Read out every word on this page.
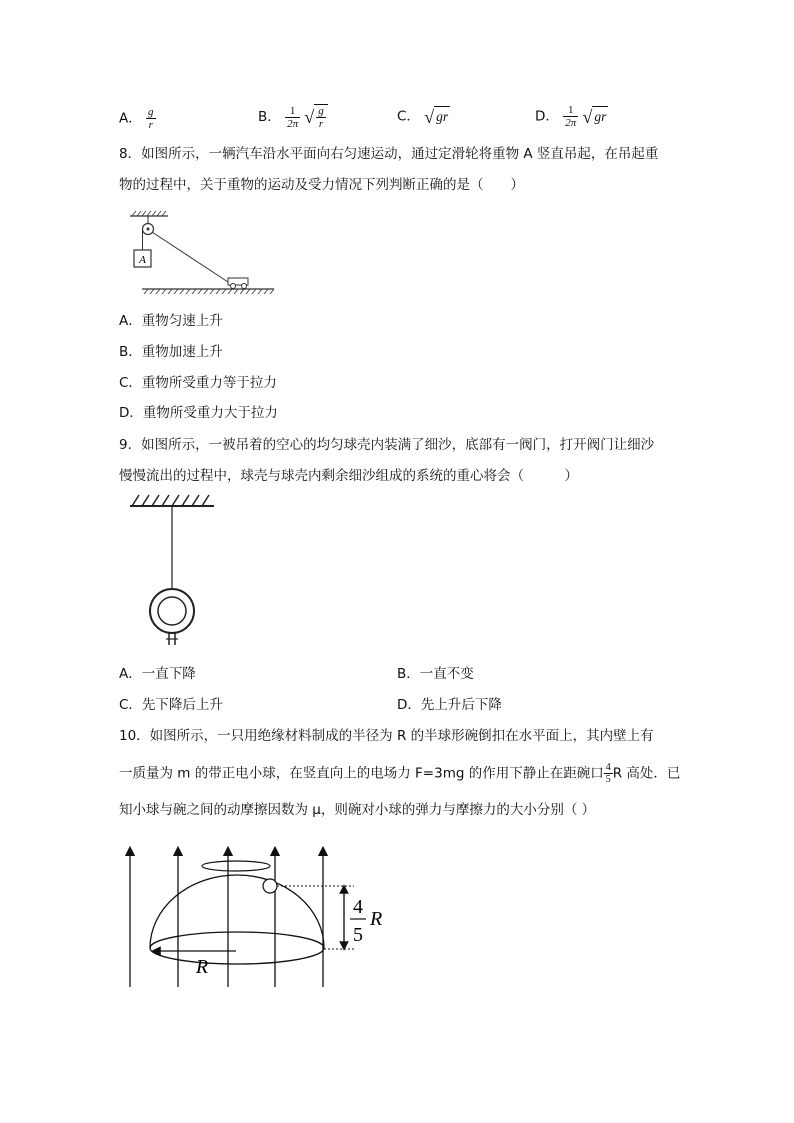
A． $\frac{g}{r}$	B． $\frac{1}{2\pi}$ √ $\frac{g}{r}$	C． √ gr	D． $\frac{1}{2\pi}$ √ gr
8．如图所示，一辆汽车沿水平面向右匀速运动，通过定滑轮将重物 A 竖直吊起，在吊起重
物的过程中，关于重物的运动及受力情况下列判断正确的是（　　）
A
A．重物匀速上升
B．重物加速上升
C．重物所受重力等于拉力
D．重物所受重力大于拉力
9．如图所示，一被吊着的空心的均匀球壳内装满了细沙，底部有一阀门，打开阀门让细沙
慢慢流出的过程中，球壳与球壳内剩余细沙组成的系统的重心将会（　　　）
A．一直下降	B．一直不变
C．先下降后上升	D．先上升后下降
10．如图所示，一只用绝缘材料制成的半径为 R 的半球形碗倒扣在水平面上，其内壁上有
一质量为 m 的带正电小球，在竖直向上的电场力 F=3mg 的作用下静止在距碗口 $\frac{4}{5}$ R 高处．已
知小球与碗之间的动摩擦因数为 μ，则碗对小球的弹力与摩擦力的大小分别（ ）
4
5
R
R
